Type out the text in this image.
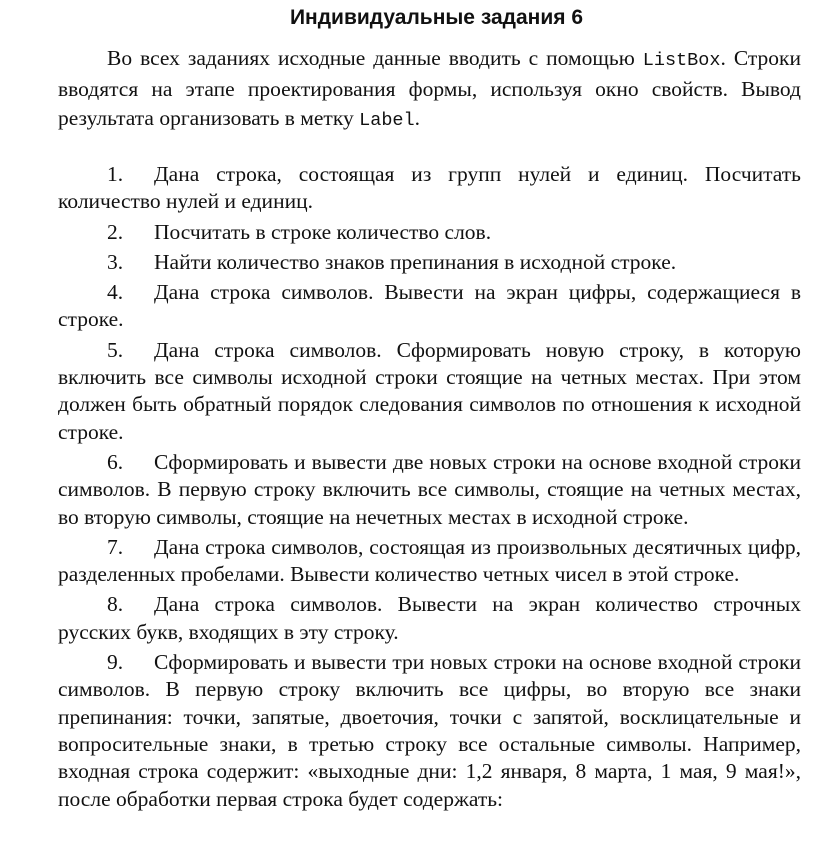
Индивидуальные задания 6

Во всех заданиях исходные данные вводить с помощью ListBox. Строки вводятся на этапе проектирования формы, используя окно свойств. Вывод результата организовать в метку Label.

1. Дана строка, состоящая из групп нулей и единиц. Посчитать количество нулей и единиц.
2. Посчитать в строке количество слов.
3. Найти количество знаков препинания в исходной строке.
4. Дана строка символов. Вывести на экран цифры, содержащиеся в строке.
5. Дана строка символов. Сформировать новую строку, в которую включить все символы исходной строки стоящие на четных местах. При этом должен быть обратный порядок следования символов по отношения к исходной строке.
6. Сформировать и вывести две новых строки на основе входной строки символов. В первую строку включить все символы, стоящие на четных местах, во вторую символы, стоящие на нечетных местах в исходной строке.
7. Дана строка символов, состоящая из произвольных десятичных цифр, разделенных пробелами. Вывести количество четных чисел в этой строке.
8. Дана строка символов. Вывести на экран количество строчных русских букв, входящих в эту строку.
9. Сформировать и вывести три новых строки на основе входной строки символов. В первую строку включить все цифры, во вторую все знаки препинания: точки, запятые, двоеточия, точки с запятой, восклицательные и вопросительные знаки, в третью строку все остальные символы. Например, входная строка содержит: «выходные дни: 1,2 января, 8 марта, 1 мая, 9 мая!», после обработки первая строка будет содержать:
